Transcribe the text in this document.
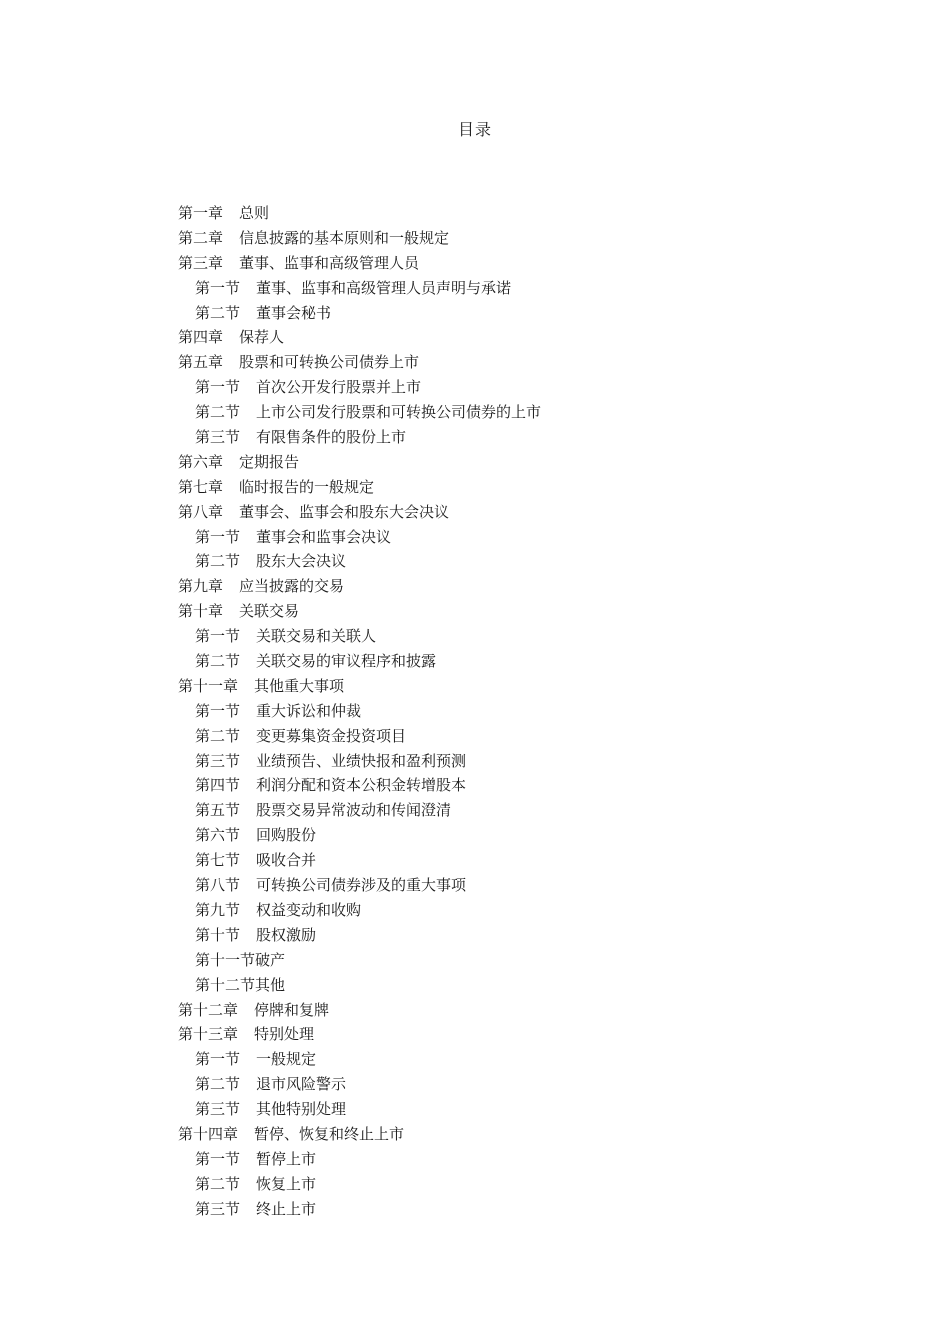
目录
第一章 总则
第二章 信息披露的基本原则和一般规定
第三章 董事、监事和高级管理人员
第一节 董事、监事和高级管理人员声明与承诺
第二节 董事会秘书
第四章 保荐人
第五章 股票和可转换公司债券上市
第一节 首次公开发行股票并上市
第二节 上市公司发行股票和可转换公司债券的上市
第三节 有限售条件的股份上市
第六章 定期报告
第七章 临时报告的一般规定
第八章 董事会、监事会和股东大会决议
第一节 董事会和监事会决议
第二节 股东大会决议
第九章 应当披露的交易
第十章 关联交易
第一节 关联交易和关联人
第二节 关联交易的审议程序和披露
第十一章 其他重大事项
第一节 重大诉讼和仲裁
第二节 变更募集资金投资项目
第三节 业绩预告、业绩快报和盈利预测
第四节 利润分配和资本公积金转增股本
第五节 股票交易异常波动和传闻澄清
第六节 回购股份
第七节 吸收合并
第八节 可转换公司债券涉及的重大事项
第九节 权益变动和收购
第十节 股权激励
第十一节破产
第十二节其他
第十二章 停牌和复牌
第十三章 特别处理
第一节 一般规定
第二节 退市风险警示
第三节 其他特别处理
第十四章 暂停、恢复和终止上市
第一节 暂停上市
第二节 恢复上市
第三节 终止上市
